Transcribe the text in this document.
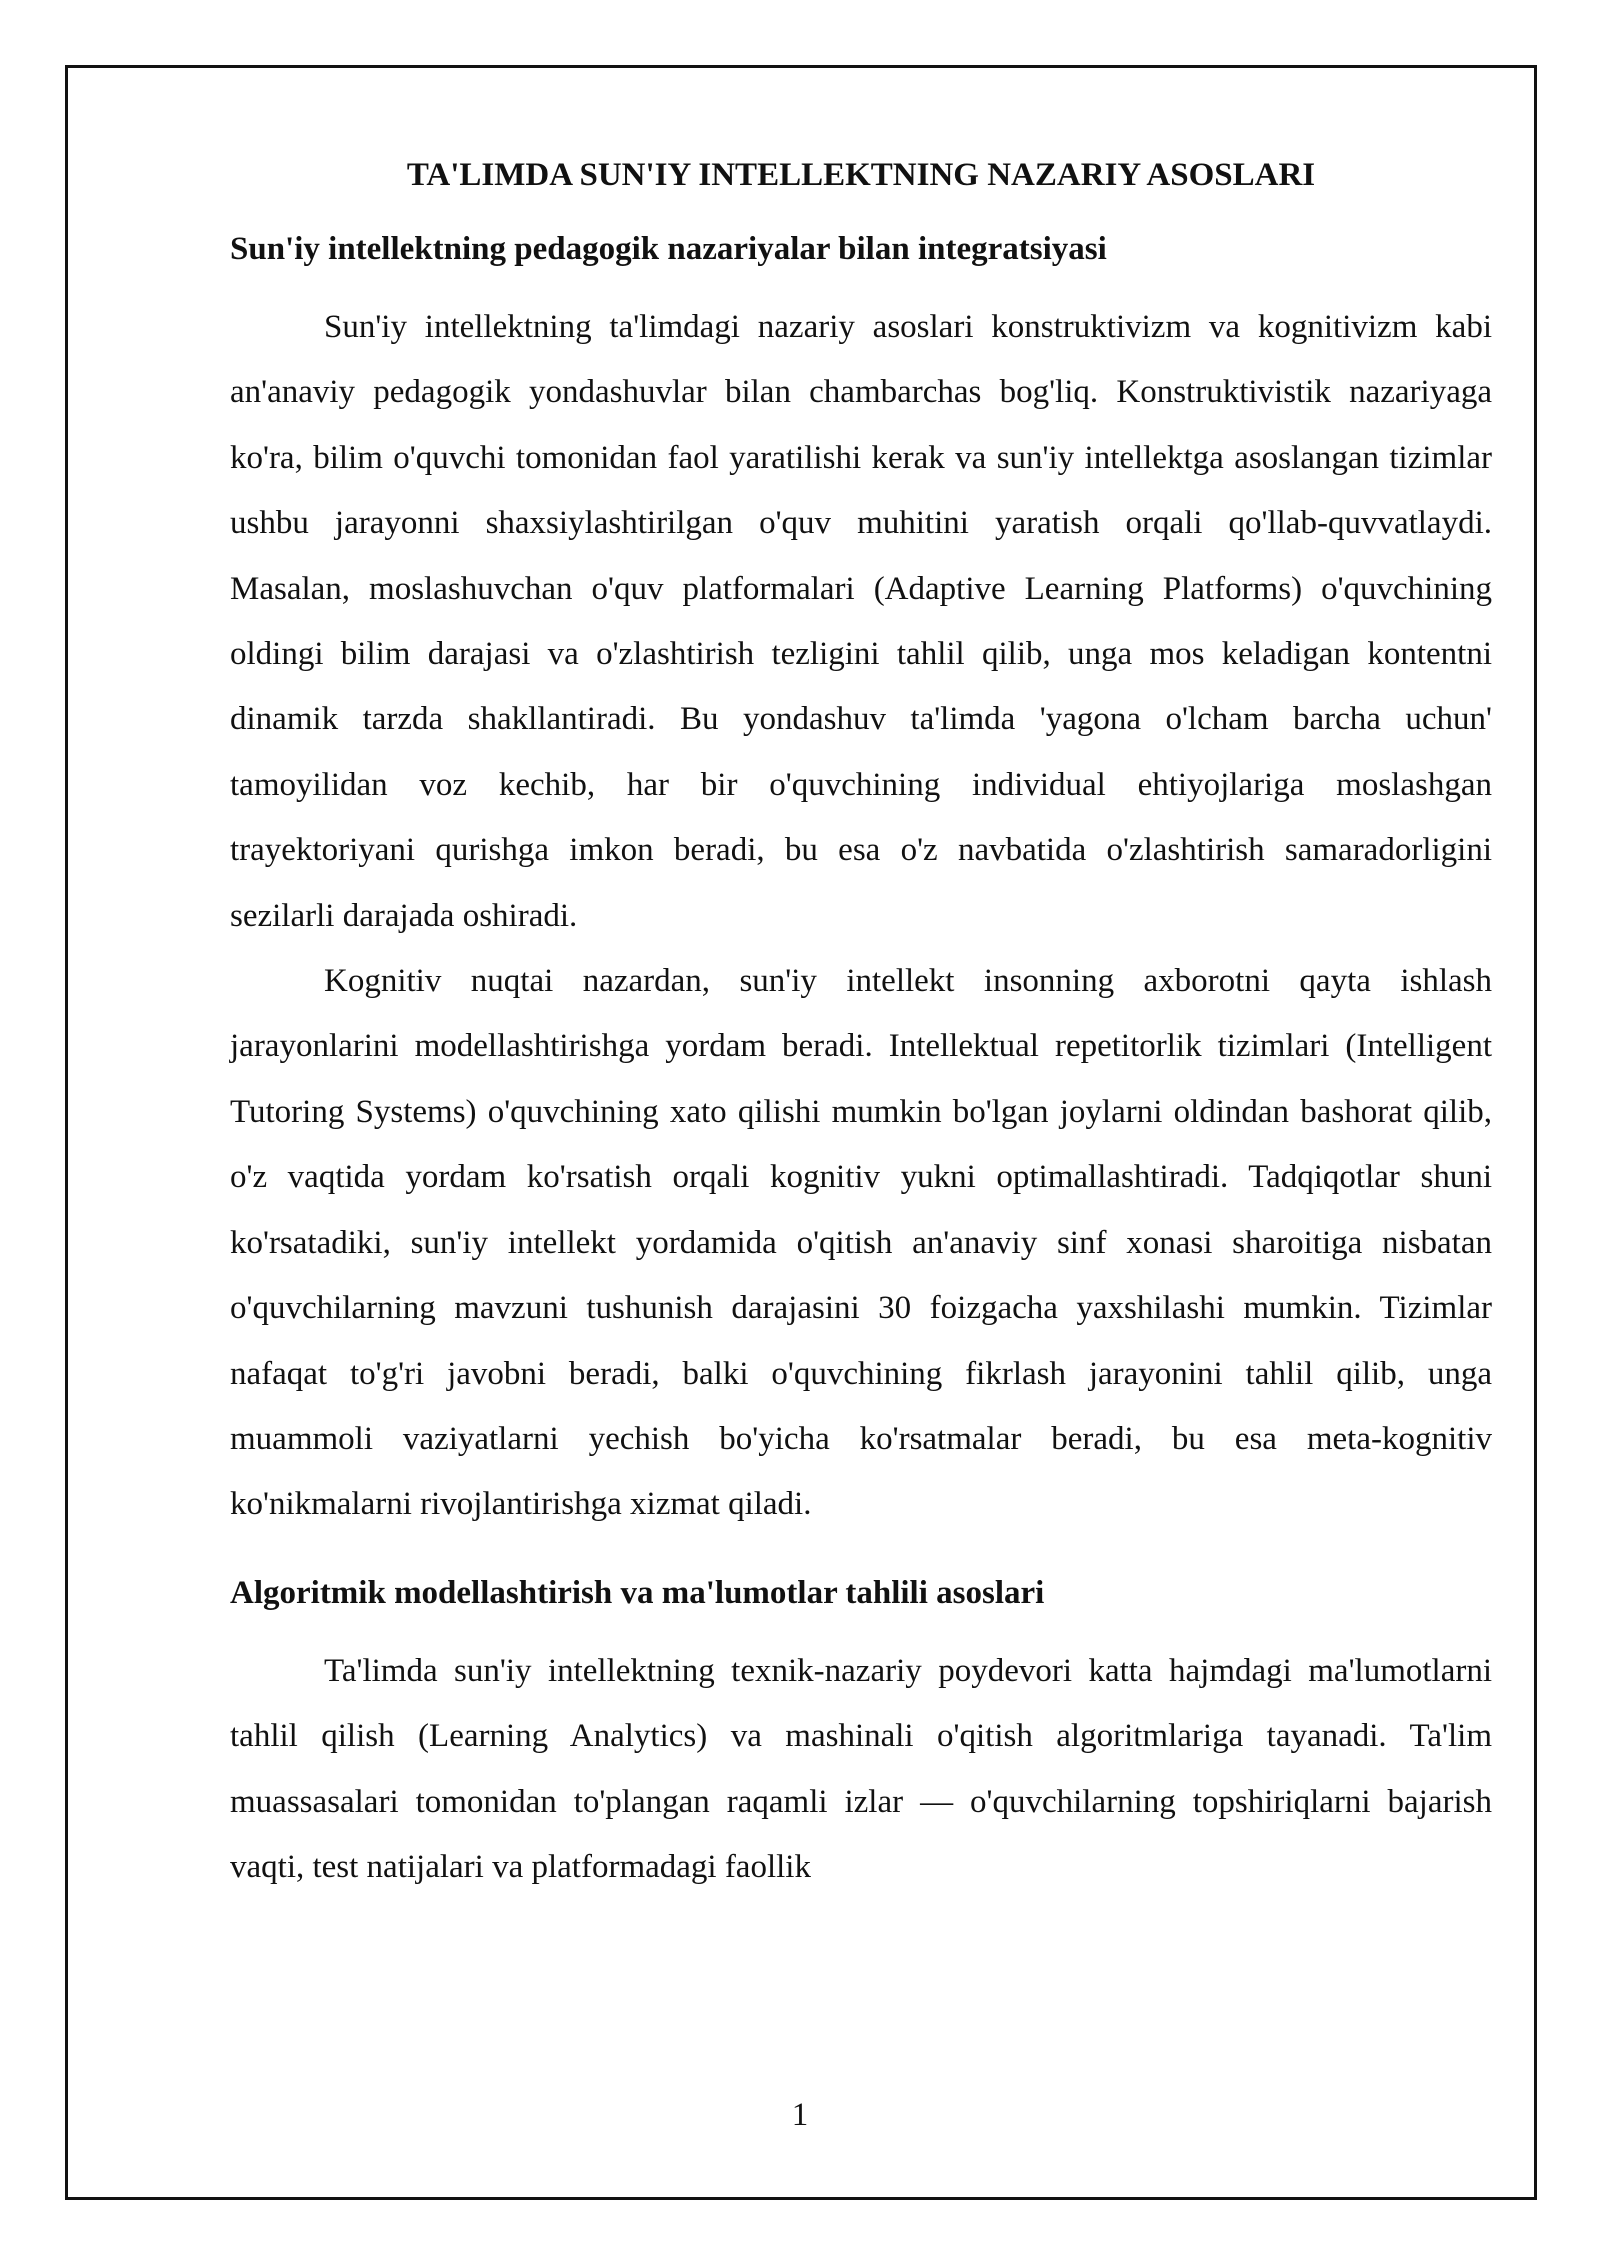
TA'LIMDA SUN'IY INTELLEKTNING NAZARIY ASOSLARI
Sun'iy intellektning pedagogik nazariyalar bilan integratsiyasi

Sun'iy intellektning ta'limdagi nazariy asoslari konstruktivizm va kognitivizm kabi an'anaviy pedagogik yondashuvlar bilan chambarchas bog'liq. Konstruktivistik nazariyaga ko'ra, bilim o'quvchi tomonidan faol yaratilishi kerak va sun'iy intellektga asoslangan tizimlar ushbu jarayonni shaxsiylashtirilgan o'quv muhitini yaratish orqali qo'llab-quvvatlaydi. Masalan, moslashuvchan o'quv platformalari (Adaptive Learning Platforms) o'quvchining oldingi bilim darajasi va o'zlashtirish tezligini tahlil qilib, unga mos keladigan kontentni dinamik tarzda shakllantiradi. Bu yondashuv ta'limda 'yagona o'lcham barcha uchun' tamoyilidan voz kechib, har bir o'quvchining individual ehtiyojlariga moslashgan trayektoriyani qurishga imkon beradi, bu esa o'z navbatida o'zlashtirish samaradorligini sezilarli darajada oshiradi.

Kognitiv nuqtai nazardan, sun'iy intellekt insonning axborotni qayta ishlash jarayonlarini modellashtirishga yordam beradi. Intellektual repetitorlik tizimlari (Intelligent Tutoring Systems) o'quvchining xato qilishi mumkin bo'lgan joylarni oldindan bashorat qilib, o'z vaqtida yordam ko'rsatish orqali kognitiv yukni optimallashtiradi. Tadqiqotlar shuni ko'rsatadiki, sun'iy intellekt yordamida o'qitish an'anaviy sinf xonasi sharoitiga nisbatan o'quvchilarning mavzuni tushunish darajasini 30 foizgacha yaxshilashi mumkin. Tizimlar nafaqat to'g'ri javobni beradi, balki o'quvchining fikrlash jarayonini tahlil qilib, unga muammoli vaziyatlarni yechish bo'yicha ko'rsatmalar beradi, bu esa meta-kognitiv ko'nikmalarni rivojlantirishga xizmat qiladi.

Algoritmik modellashtirish va ma'lumotlar tahlili asoslari

Ta'limda sun'iy intellektning texnik-nazariy poydevori katta hajmdagi ma'lumotlarni tahlil qilish (Learning Analytics) va mashinali o'qitish algoritmlariga tayanadi. Ta'lim muassasalari tomonidan to'plangan raqamli izlar — o'quvchilarning topshiriqlarni bajarish vaqti, test natijalari va platformadagi faollik

1
